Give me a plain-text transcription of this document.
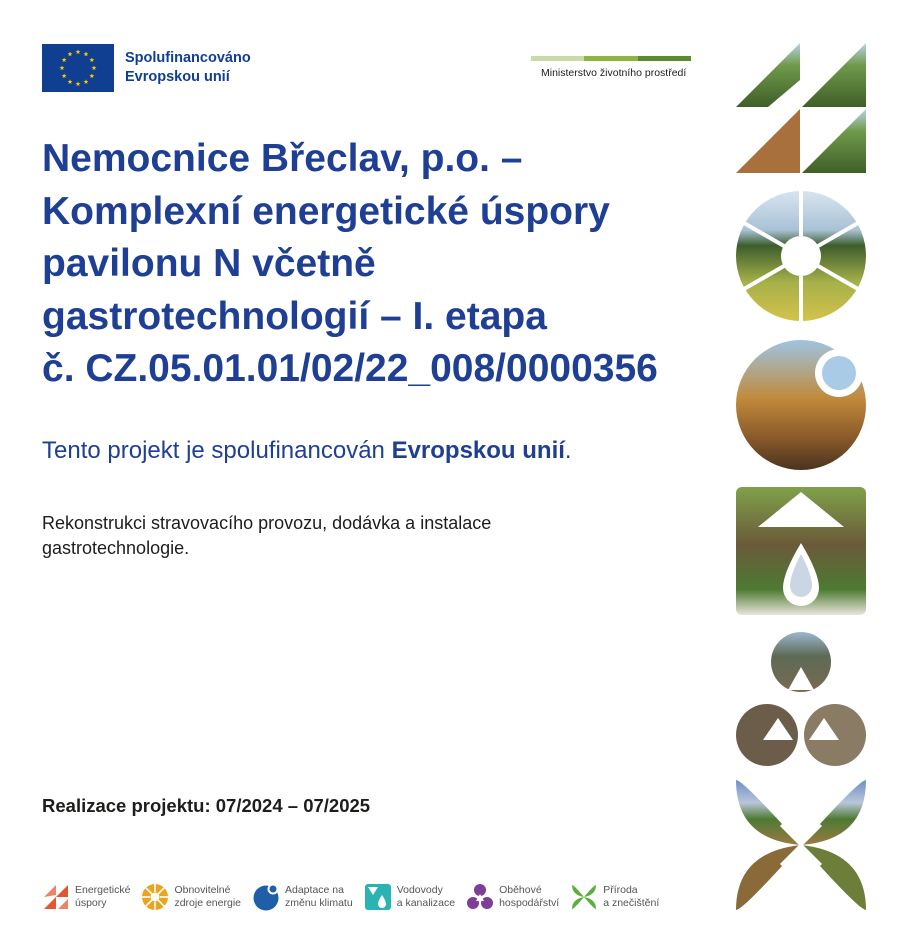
Spolufinancováno
Evropskou unií	Ministerstvo životního prostředí
Nemocnice Břeclav, p.o. –
Komplexní energetické úspory
pavilonu N včetně
gastrotechnologií – I. etapa
č. CZ.05.01.01/02/22_008/0000356

Tento projekt je spolufinancován Evropskou unií.

Rekonstrukci stravovacího provozu, dodávka a instalace gastrotechnologie.

Realizace projektu: 07/2024 – 07/2025

Energetické
úspory
Obnovitelné
zdroje energie
Adaptace na
změnu klimatu
Vodovody
a kanalizace
Oběhové
hospodářství
Příroda
a znečištění
